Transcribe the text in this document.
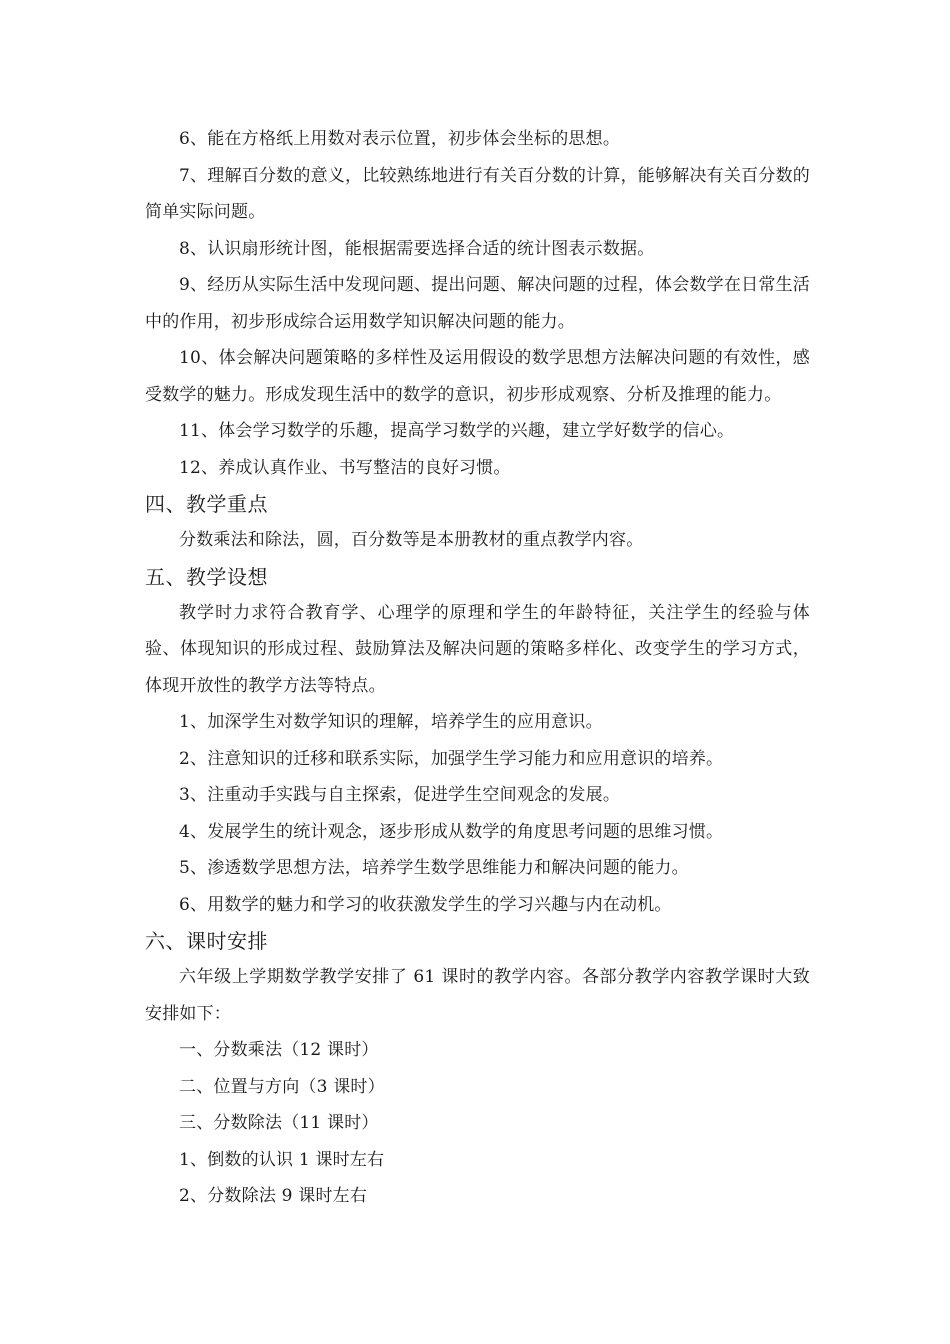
6、能在方格纸上用数对表示位置，初步体会坐标的思想。

7、理解百分数的意义，比较熟练地进行有关百分数的计算，能够解决有关百分数的简单实际问题。

8、认识扇形统计图，能根据需要选择合适的统计图表示数据。

9、经历从实际生活中发现问题、提出问题、解决问题的过程，体会数学在日常生活中的作用，初步形成综合运用数学知识解决问题的能力。

10、体会解决问题策略的多样性及运用假设的数学思想方法解决问题的有效性，感受数学的魅力。形成发现生活中的数学的意识，初步形成观察、分析及推理的能力。

11、体会学习数学的乐趣，提高学习数学的兴趣，建立学好数学的信心。

12、养成认真作业、书写整洁的良好习惯。

四、教学重点

分数乘法和除法，圆，百分数等是本册教材的重点教学内容。

五、教学设想

教学时力求符合教育学、心理学的原理和学生的年龄特征，关注学生的经验与体验、体现知识的形成过程、鼓励算法及解决问题的策略多样化、改变学生的学习方式，体现开放性的教学方法等特点。

1、加深学生对数学知识的理解，培养学生的应用意识。

2、注意知识的迁移和联系实际，加强学生学习能力和应用意识的培养。

3、注重动手实践与自主探索，促进学生空间观念的发展。

4、发展学生的统计观念，逐步形成从数学的角度思考问题的思维习惯。

5、渗透数学思想方法，培养学生数学思维能力和解决问题的能力。

6、用数学的魅力和学习的收获激发学生的学习兴趣与内在动机。

六、课时安排

六年级上学期数学教学安排了 61 课时的教学内容。各部分教学内容教学课时大致安排如下：

一、分数乘法（12 课时）

二、位置与方向（3 课时）

三、分数除法（11 课时）

1、倒数的认识 1 课时左右

2、分数除法 9 课时左右
